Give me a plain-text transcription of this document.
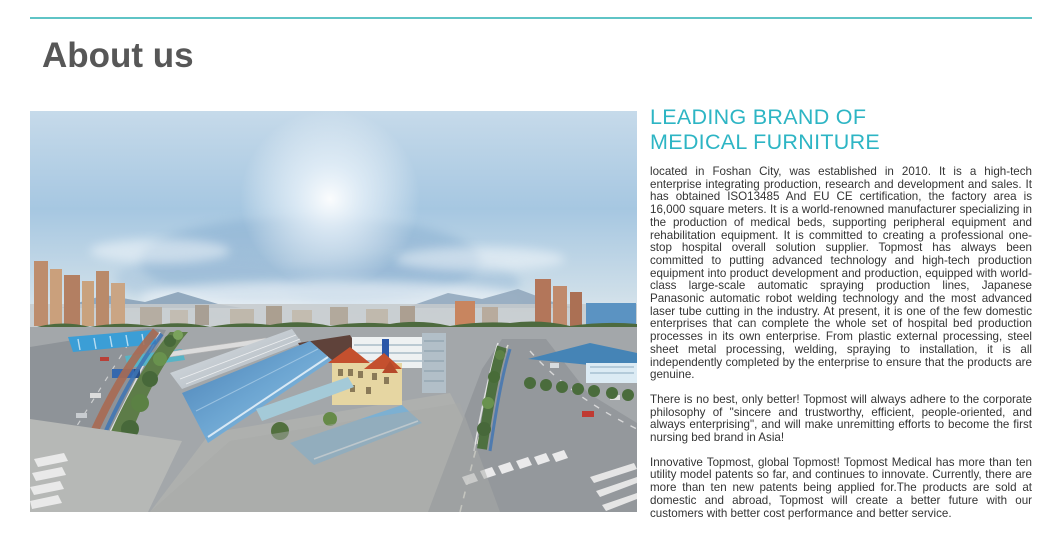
About us
LEADING BRAND OF
MEDICAL FURNITURE

located in Foshan City, was established in 2010. It is a high-tech enterprise integrating production, research and development and sales. It has obtained ISO13485 And EU CE certification, the factory area is 16,000 square meters. It is a world-renowned manufacturer specializing in the production of medical beds, supporting peripheral equipment and rehabilitation equipment. It is committed to creating a professional one-stop hospital overall solution supplier. Topmost has always been committed to putting advanced technology and high-tech production equipment into product development and production, equipped with world-class large-scale automatic spraying production lines, Japanese Panasonic automatic robot welding technology and the most advanced laser tube cutting in the industry. At present, it is one of the few domestic enterprises that can complete the whole set of hospital bed production processes in its own enterprise. From plastic external processing, steel sheet metal processing, welding, spraying to installation, it is all independently completed by the enterprise to ensure that the products are genuine.

There is no best, only better! Topmost will always adhere to the corporate philosophy of "sincere and trustworthy, efficient, people-oriented, and always enterprising", and will make unremitting efforts to become the first nursing bed brand in Asia!

Innovative Topmost, global Topmost! Topmost Medical has more than ten utility model patents so far, and continues to innovate. Currently, there are more than ten new patents being applied for.The products are sold at domestic and abroad, Topmost will create a better future with our customers with better cost performance and better service.
